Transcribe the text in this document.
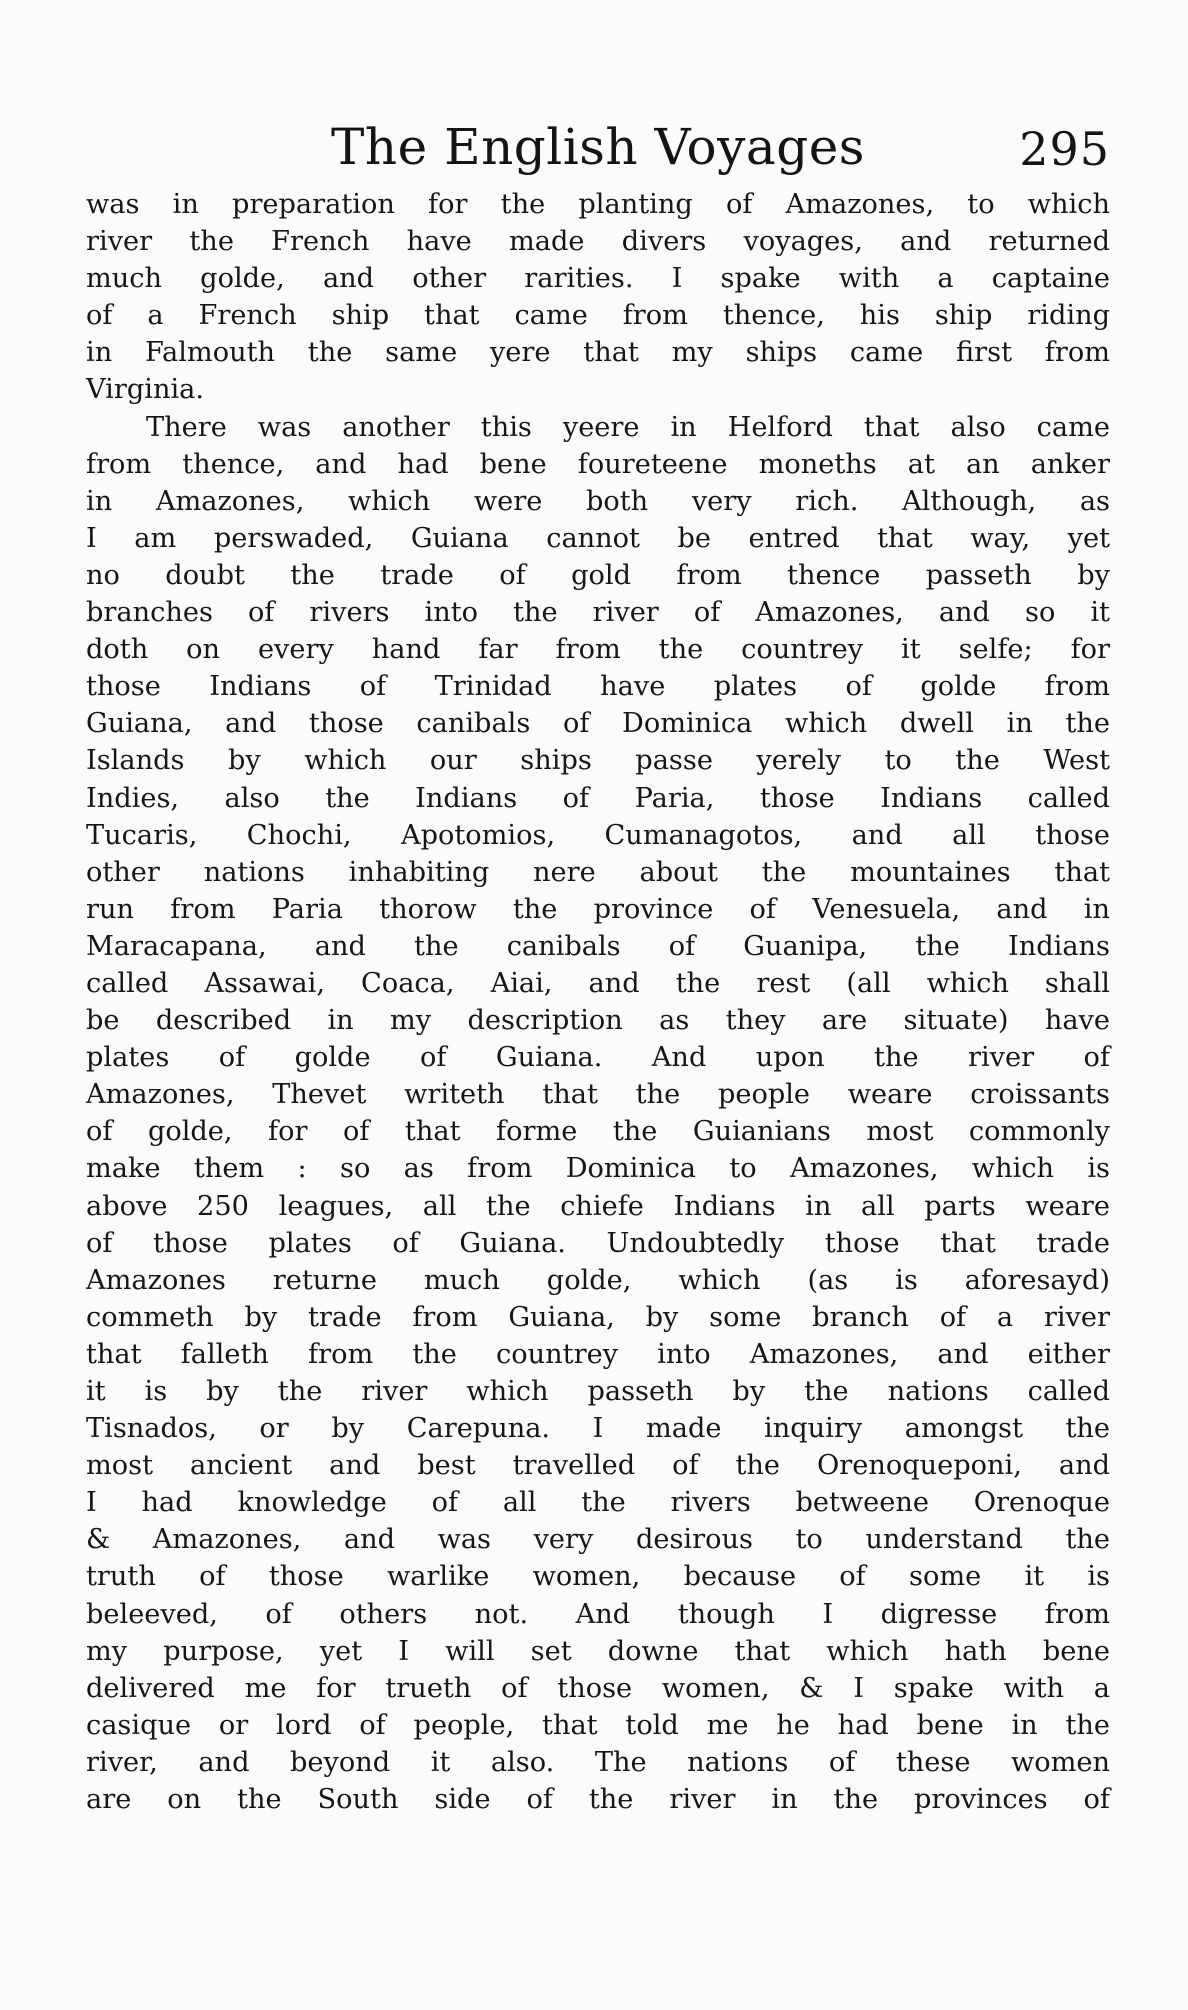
The English Voyages	295
was in preparation for the planting of Amazones, to which
river the French have made divers voyages, and returned
much golde, and other rarities. I spake with a captaine
of a French ship that came from thence, his ship riding
in Falmouth the same yere that my ships came first from
Virginia.
There was another this yeere in Helford that also came
from thence, and had bene foureteene moneths at an anker
in Amazones, which were both very rich. Although, as
I am perswaded, Guiana cannot be entred that way, yet
no doubt the trade of gold from thence passeth by
branches of rivers into the river of Amazones, and so it
doth on every hand far from the countrey it selfe; for
those Indians of Trinidad have plates of golde from
Guiana, and those canibals of Dominica which dwell in the
Islands by which our ships passe yerely to the West
Indies, also the Indians of Paria, those Indians called
Tucaris, Chochi, Apotomios, Cumanagotos, and all those
other nations inhabiting nere about the mountaines that
run from Paria thorow the province of Venesuela, and in
Maracapana, and the canibals of Guanipa, the Indians
called Assawai, Coaca, Aiai, and the rest (all which shall
be described in my description as they are situate) have
plates of golde of Guiana. And upon the river of
Amazones, Thevet writeth that the people weare croissants
of golde, for of that forme the Guianians most commonly
make them : so as from Dominica to Amazones, which is
above 250 leagues, all the chiefe Indians in all parts weare
of those plates of Guiana. Undoubtedly those that trade
Amazones returne much golde, which (as is aforesayd)
commeth by trade from Guiana, by some branch of a river
that falleth from the countrey into Amazones, and either
it is by the river which passeth by the nations called
Tisnados, or by Carepuna. I made inquiry amongst the
most ancient and best travelled of the Orenoqueponi, and
I had knowledge of all the rivers betweene Orenoque
& Amazones, and was very desirous to understand the
truth of those warlike women, because of some it is
beleeved, of others not. And though I digresse from
my purpose, yet I will set downe that which hath bene
delivered me for trueth of those women, & I spake with a
casique or lord of people, that told me he had bene in the
river, and beyond it also. The nations of these women
are on the South side of the river in the provinces of
